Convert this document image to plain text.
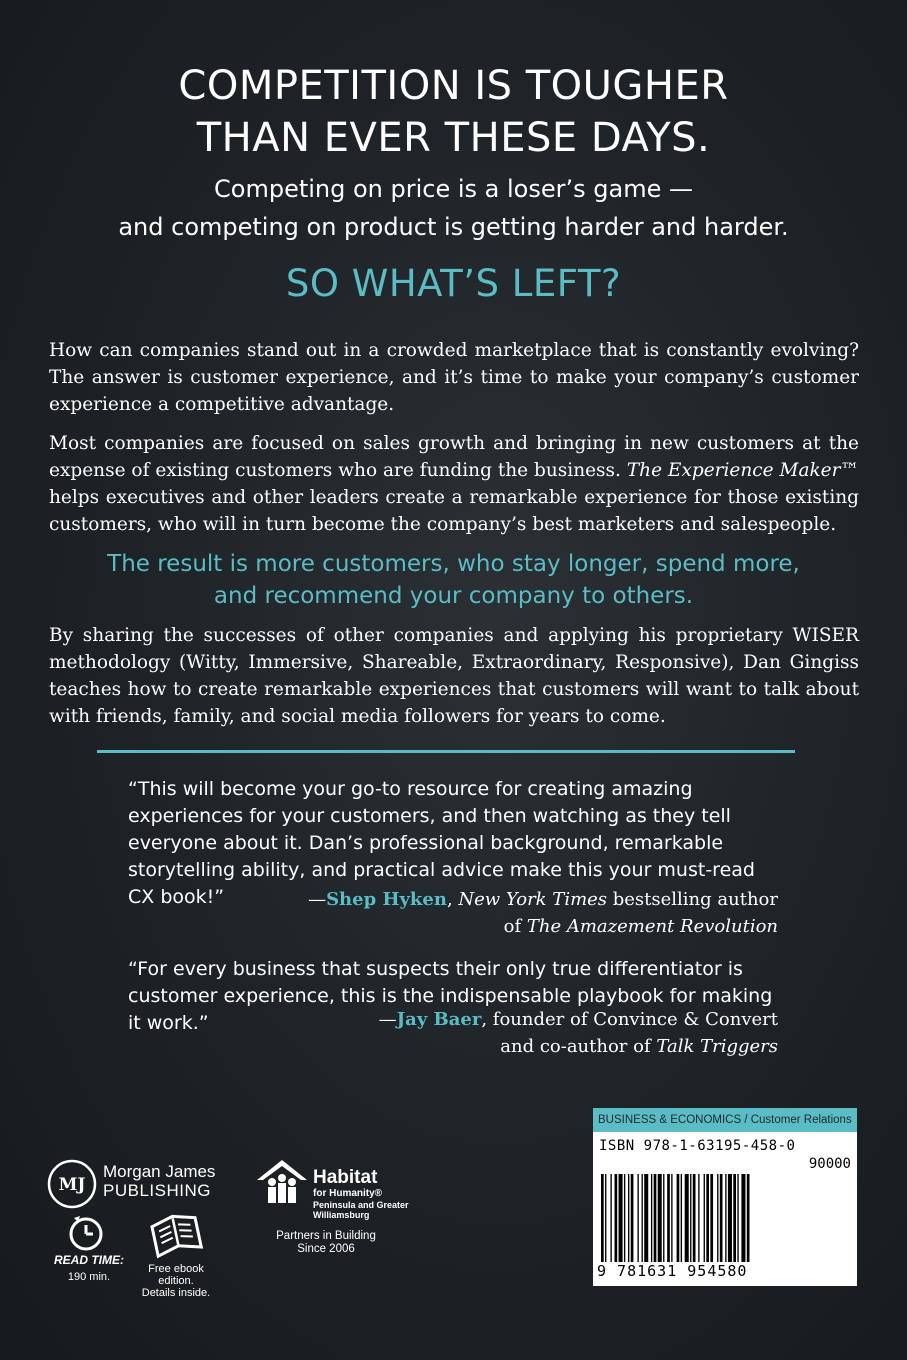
COMPETITION IS TOUGHER
THAN EVER THESE DAYS.
Competing on price is a loser’s game —
and competing on product is getting harder and harder.
SO WHAT’S LEFT?

How can companies stand out in a crowded marketplace that is constantly evolving? The answer is customer experience, and it’s time to make your company’s customer experience a competitive advantage.

Most companies are focused on sales growth and bringing in new customers at the expense of existing customers who are funding the business. The Experience Maker™ helps executives and other leaders create a remarkable experience for those existing customers, who will in turn become the company’s best marketers and salespeople.

The result is more customers, who stay longer, spend more,
and recommend your company to others.

By sharing the successes of other companies and applying his proprietary WISER methodology (Witty, Immersive, Shareable, Extraordinary, Responsive), Dan Gingiss teaches how to create remarkable experiences that customers will want to talk about with friends, family, and social media followers for years to come.

“This will become your go-to resource for creating amazing experiences for your customers, and then watching as they tell everyone about it. Dan’s professional background, remarkable storytelling ability, and practical advice make this your must-read CX book!”	—Shep Hyken, New York Times bestselling author
of The Amazement Revolution

“For every business that suspects their only true differentiator is customer experience, this is the indispensable playbook for making it work.”	—Jay Baer, founder of Convince & Convert
and co-author of Talk Triggers
MJ
Morgan James
PUBLISHING
Habitat
for Humanity®
Peninsula and Greater Williamsburg
Partners in Building
Since 2006
READ TIME:
190 min.
Free ebook edition.
Details inside.
BUSINESS & ECONOMICS / Customer Relations
ISBN 978-1-63195-458-0
90000
9 781631 954580
